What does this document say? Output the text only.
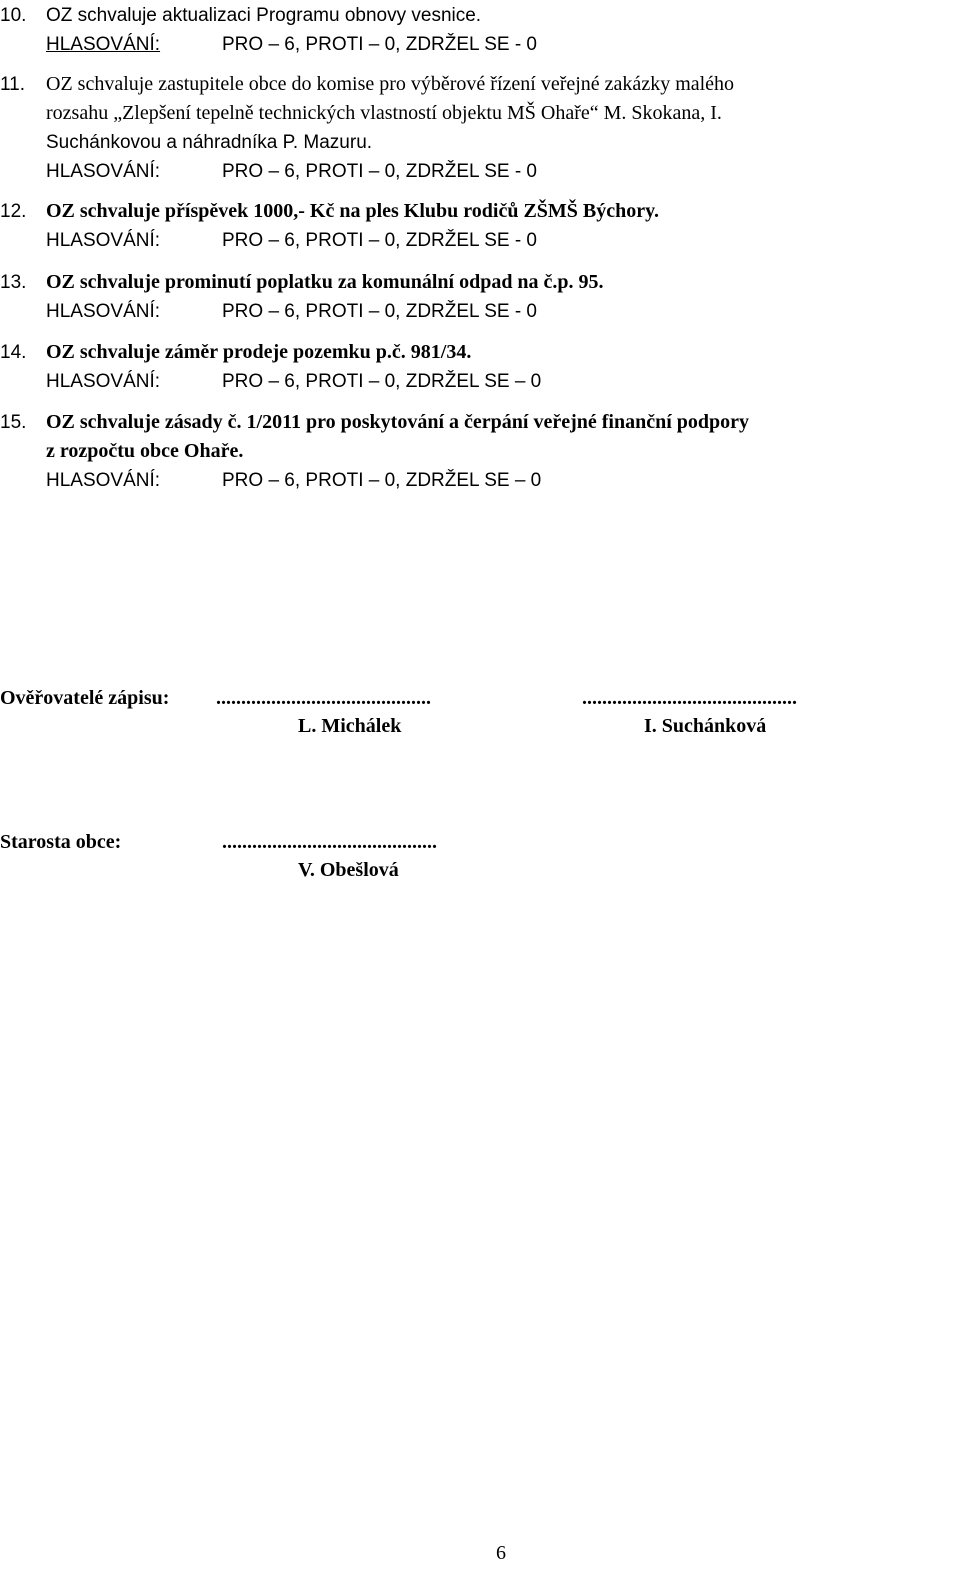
10.	OZ schvaluje aktualizaci Programu obnovy vesnice.
HLASOVÁNÍ:	PRO – 6, PROTI – 0, ZDRŽEL SE - 0
11.	OZ schvaluje zastupitele obce do komise pro výběrové řízení veřejné zakázky malého
rozsahu „Zlepšení tepelně technických vlastností objektu MŠ Ohaře“ M. Skokana, I.
Suchánkovou a náhradníka P. Mazuru.
HLASOVÁNÍ:	PRO – 6, PROTI – 0, ZDRŽEL SE - 0
12. OZ schvaluje příspěvek 1000,- Kč na ples Klubu rodičů ZŠMŠ Býchory.
HLASOVÁNÍ:	PRO – 6, PROTI – 0, ZDRŽEL SE - 0
13. OZ schvaluje prominutí poplatku za komunální odpad na č.p. 95.
HLASOVÁNÍ:	PRO – 6, PROTI – 0, ZDRŽEL SE - 0
14. OZ schvaluje záměr prodeje pozemku p.č. 981/34.
HLASOVÁNÍ:	PRO – 6, PROTI – 0, ZDRŽEL SE – 0
15. OZ schvaluje zásady č. 1/2011 pro poskytování a čerpání veřejné finanční podpory
z rozpočtu obce Ohaře.
HLASOVÁNÍ:	PRO – 6, PROTI – 0, ZDRŽEL SE – 0
Ověřovatelé zápisu: ...........................................	...........................................
L. Michálek	I. Suchánková
Starosta obce:	...........................................
V. Obešlová
6
